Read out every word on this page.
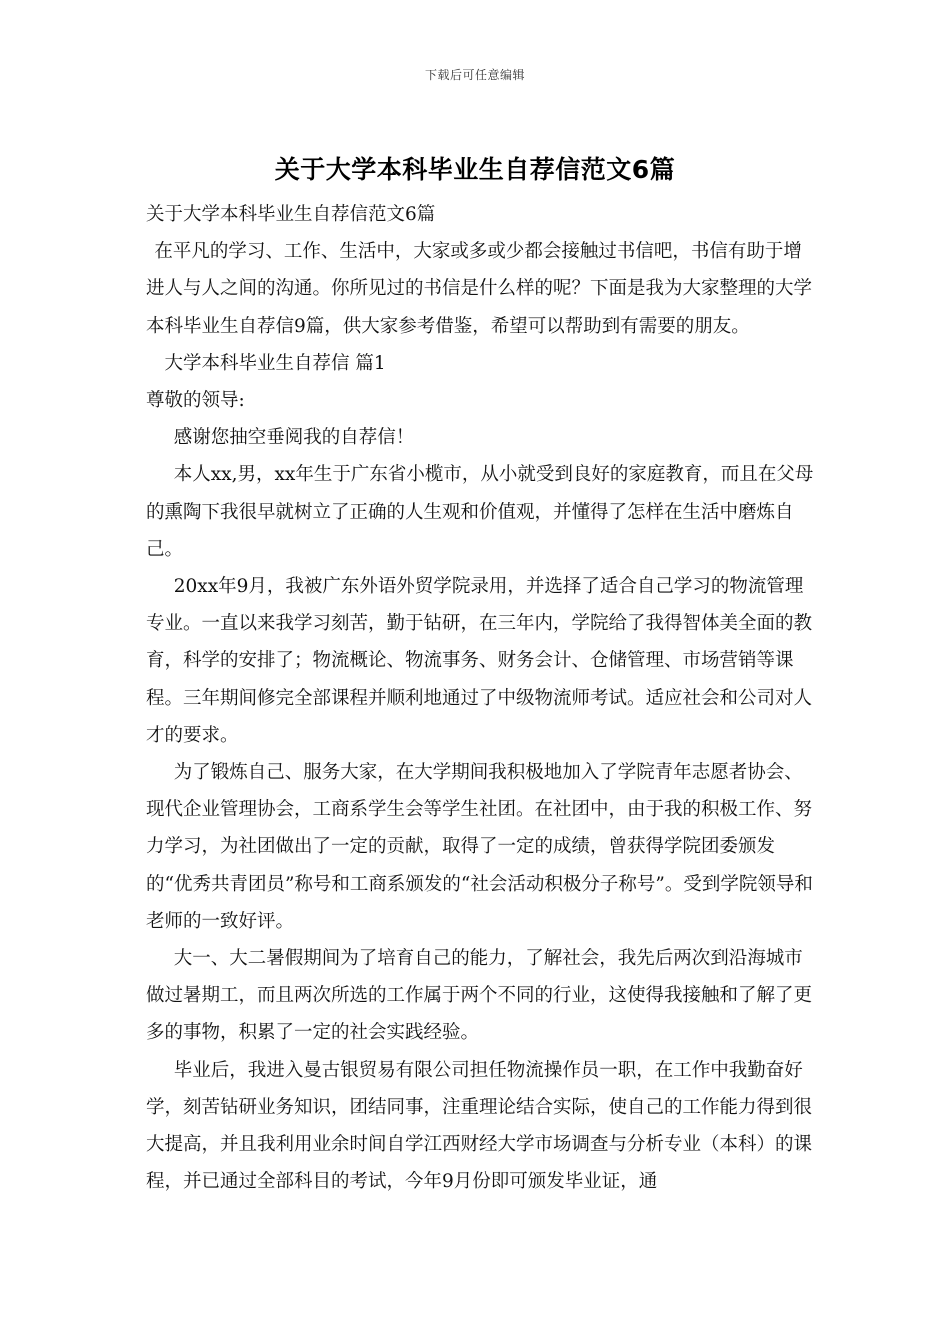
下载后可任意编辑
关于大学本科毕业生自荐信范文6篇

关于大学本科毕业生自荐信范文6篇

在平凡的学习、工作、生活中，大家或多或少都会接触过书信吧，书信有助于增进人与人之间的沟通。你所见过的书信是什么样的呢？下面是我为大家整理的大学本科毕业生自荐信9篇，供大家参考借鉴，希望可以帮助到有需要的朋友。

大学本科毕业生自荐信 篇1

尊敬的领导:

感谢您抽空垂阅我的自荐信！

本人xx,男，xx年生于广东省小榄市，从小就受到良好的家庭教育，而且在父母的熏陶下我很早就树立了正确的人生观和价值观，并懂得了怎样在生活中磨炼自己。

20xx年9月，我被广东外语外贸学院录用，并选择了适合自己学习的物流管理专业。一直以来我学习刻苦，勤于钻研，在三年内，学院给了我得智体美全面的教育，科学的安排了；物流概论、物流事务、财务会计、仓储管理、市场营销等课程。三年期间修完全部课程并顺利地通过了中级物流师考试。适应社会和公司对人才的要求。

为了锻炼自己、服务大家，在大学期间我积极地加入了学院青年志愿者协会、现代企业管理协会，工商系学生会等学生社团。在社团中，由于我的积极工作、努力学习，为社团做出了一定的贡献，取得了一定的成绩，曾获得学院团委颁发的“优秀共青团员”称号和工商系颁发的“社会活动积极分子称号”。受到学院领导和老师的一致好评。

大一、大二暑假期间为了培育自己的能力，了解社会，我先后两次到沿海城市做过暑期工，而且两次所选的工作属于两个不同的行业，这使得我接触和了解了更多的事物，积累了一定的社会实践经验。

毕业后，我进入曼古银贸易有限公司担任物流操作员一职，在工作中我勤奋好学，刻苦钻研业务知识，团结同事，注重理论结合实际，使自己的工作能力得到很大提高，并且我利用业余时间自学江西财经大学市场调查与分析专业（本科）的课程，并已通过全部科目的考试，今年9月份即可颁发毕业证，通
